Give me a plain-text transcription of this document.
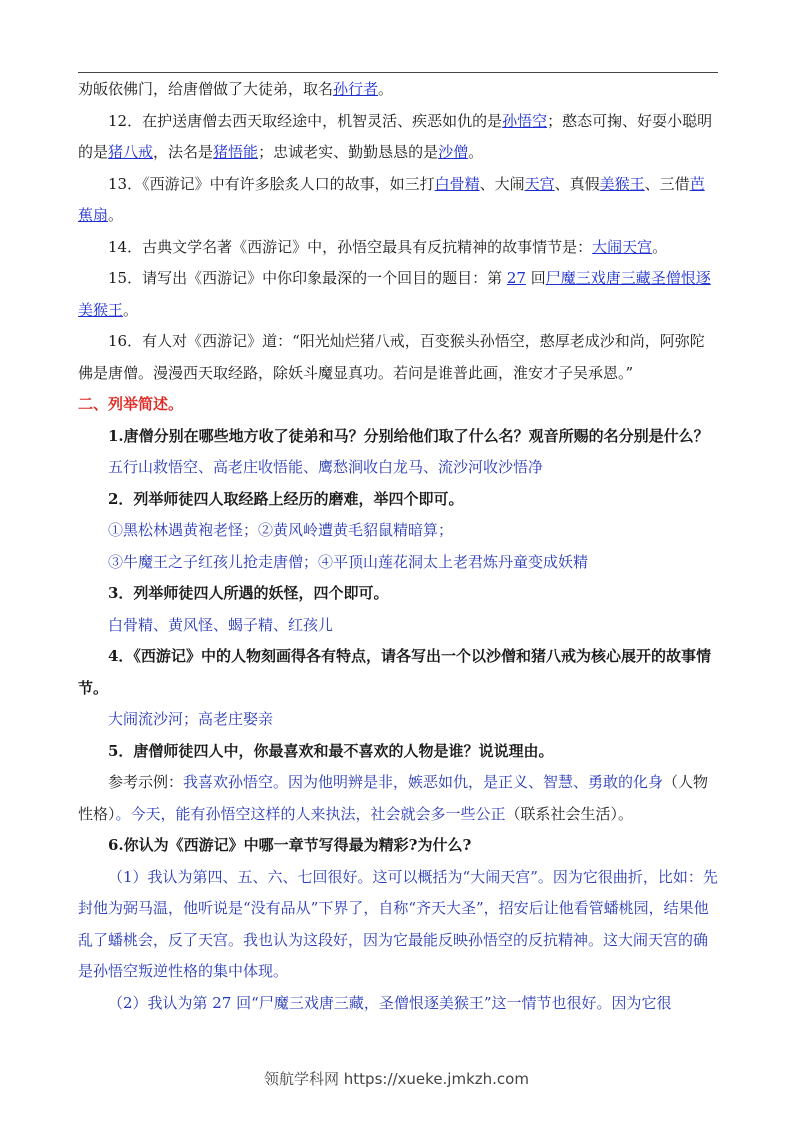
劝皈依佛门，给唐僧做了大徒弟，取名孙行者。

12．在护送唐僧去西天取经途中，机智灵活、疾恶如仇的是孙悟空；憨态可掬、好耍小聪明的是猪八戒，法名是猪悟能；忠诚老实、勤勤恳恳的是沙僧。

13．《西游记》中有许多脍炙人口的故事，如三打白骨精、大闹天宫、真假美猴王、三借芭蕉扇。

14．古典文学名著《西游记》中，孙悟空最具有反抗精神的故事情节是：大闹天宫。

15．请写出《西游记》中你印象最深的一个回目的题目：第 27 回尸魔三戏唐三藏圣僧恨逐美猴王。

16．有人对《西游记》道：“阳光灿烂猪八戒，百变猴头孙悟空，憨厚老成沙和尚，阿弥陀佛是唐僧。漫漫西天取经路，除妖斗魔显真功。若问是谁普此画，淮安才子吴承恩。”

二、列举简述。

1.唐僧分别在哪些地方收了徒弟和马？分别给他们取了什么名？观音所赐的名分别是什么？

五行山救悟空、高老庄收悟能、鹰愁涧收白龙马、流沙河收沙悟净

2．列举师徒四人取经路上经历的磨难，举四个即可。

①黑松林遇黄袍老怪；②黄风岭遭黄毛貂鼠精暗算；

③牛魔王之子红孩儿抢走唐僧；④平顶山莲花洞太上老君炼丹童变成妖精

3．列举师徒四人所遇的妖怪，四个即可。

白骨精、黄风怪、蝎子精、红孩儿

4．《西游记》中的人物刻画得各有特点，请各写出一个以沙僧和猪八戒为核心展开的故事情节。

大闹流沙河；高老庄娶亲

5．唐僧师徒四人中，你最喜欢和最不喜欢的人物是谁？说说理由。

参考示例：我喜欢孙悟空。因为他明辨是非，嫉恶如仇，是正义、智慧、勇敢的化身（人物性格）。今天，能有孙悟空这样的人来执法，社会就会多一些公正（联系社会生活）。

6.你认为《西游记》中哪一章节写得最为精彩?为什么?

（1）我认为第四、五、六、七回很好。这可以概括为“大闹天宫”。因为它很曲折，比如：先封他为弼马温，他听说是“没有品从”下界了，自称“齐天大圣”，招安后让他看管蟠桃园，结果他乱了蟠桃会，反了天宫。我也认为这段好，因为它最能反映孙悟空的反抗精神。这大闹天宫的确是孙悟空叛逆性格的集中体现。

（2）我认为第 27 回“尸魔三戏唐三藏，圣僧恨逐美猴王”这一情节也很好。因为它很

领航学科网 https://xueke.jmkzh.com
